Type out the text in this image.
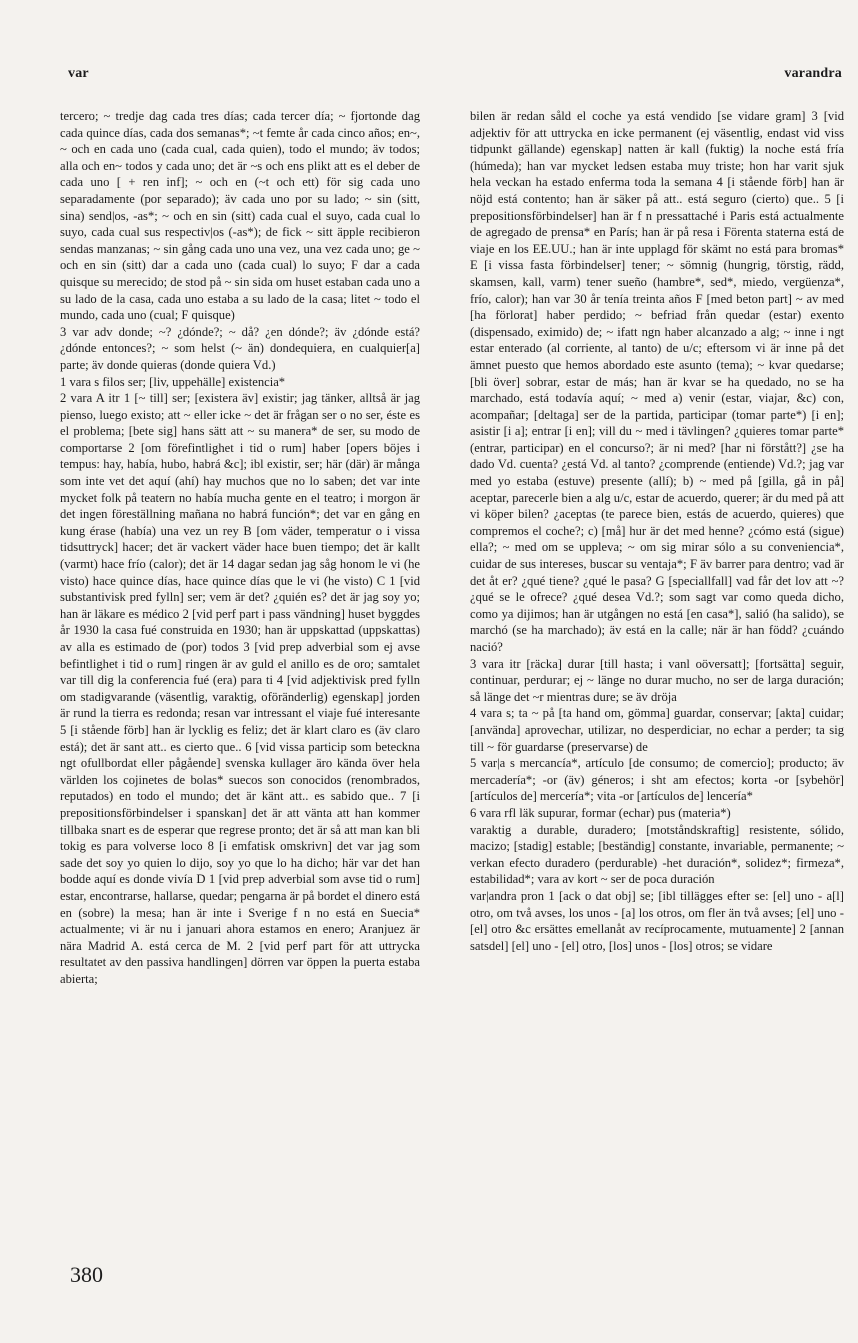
var	varandra

tercero; ~ tredje dag cada tres días; cada tercer día; ~ fjortonde dag cada quince días, cada dos semanas*; ~t femte år cada cinco años; en~, ~ och en cada uno (cada cual, cada quien), todo el mundo; äv todos; alla och en~ todos y cada uno; det är ~s och ens plikt att es el deber de cada uno [ + ren inf]; ~ och en (~t och ett) för sig cada uno separadamente (por separado); äv cada uno por su lado; ~ sin (sitt, sina) send|os, -as*; ~ och en sin (sitt) cada cual el suyo, cada cual lo suyo, cada cual sus respectiv|os (-as*); de fick ~ sitt äpple recibieron sendas manzanas; ~ sin gång cada uno una vez, una vez cada uno; ge ~ och en sin (sitt) dar a cada uno (cada cual) lo suyo; F dar a cada quisque su merecido; de stod på ~ sin sida om huset estaban cada uno a su lado de la casa, cada uno estaba a su lado de la casa; litet ~ todo el mundo, cada uno (cual; F quisque)

3 var adv donde; ~? ¿dónde?; ~ då? ¿en dónde?; äv ¿dónde está? ¿dónde entonces?; ~ som helst (~ än) dondequiera, en cualquier[a] parte; äv donde quieras (donde quiera Vd.)

1 vara s filos ser; [liv, uppehälle] existencia*

2 vara A itr 1 [~ till] ser; [existera äv] existir; jag tänker, alltså är jag pienso, luego existo; att ~ eller icke ~ det är frågan ser o no ser, éste es el problema; [bete sig] hans sätt att ~ su manera* de ser, su modo de comportarse 2 [om förefintlighet i tid o rum] haber [opers böjes i tempus: hay, había, hubo, habrá &c]; ibl existir, ser; här (där) är många som inte vet det aquí (ahí) hay muchos que no lo saben; det var inte mycket folk på teatern no había mucha gente en el teatro; i morgon är det ingen föreställning mañana no habrá función*; det var en gång en kung érase (había) una vez un rey B [om väder, temperatur o i vissa tidsuttryck] hacer; det är vackert väder hace buen tiempo; det är kallt (varmt) hace frío (calor); det är 14 dagar sedan jag såg honom le vi (he visto) hace quince días, hace quince días que le vi (he visto) C 1 [vid substantivisk pred fylln] ser; vem är det? ¿quién es? det är jag soy yo; han är läkare es médico 2 [vid perf part i pass vändning] huset byggdes år 1930 la casa fué construida en 1930; han är uppskattad (uppskattas) av alla es estimado de (por) todos 3 [vid prep adverbial som ej avse befintlighet i tid o rum] ringen är av guld el anillo es de oro; samtalet var till dig la conferencia fué (era) para ti 4 [vid adjektivisk pred fylln om stadigvarande (väsentlig, varaktig, oföränderlig) egenskap] jorden är rund la tierra es redonda; resan var intressant el viaje fué interesante 5 [i stående förb] han är lycklig es feliz; det är klart claro es (äv claro está); det är sant att.. es cierto que.. 6 [vid vissa particip som beteckna ngt ofullbordat eller pågående] svenska kullager äro kända över hela världen los cojinetes de bolas* suecos son conocidos (renombrados, reputados) en todo el mundo; det är känt att.. es sabido que.. 7 [i prepositionsförbindelser i spanskan] det är att vänta att han kommer tillbaka snart es de esperar que regrese pronto; det är så att man kan bli tokig es para volverse loco 8 [i emfatisk omskrivn] det var jag som sade det soy yo quien lo dijo, soy yo que lo ha dicho; här var det han bodde aquí es donde vivía D 1 [vid prep adverbial som avse tid o rum] estar, encontrarse, hallarse, quedar; pengarna är på bordet el dinero está en (sobre) la mesa; han är inte i Sverige f n no está en Suecia* actualmente; vi är nu i januari ahora estamos en enero; Aranjuez är nära Madrid A. está cerca de M. 2 [vid perf part för att uttrycka resultatet av den passiva handlingen] dörren var öppen la puerta estaba abierta;

bilen är redan såld el coche ya está vendido [se vidare gram] 3 [vid adjektiv för att uttrycka en icke permanent (ej väsentlig, endast vid viss tidpunkt gällande) egenskap] natten är kall (fuktig) la noche está fría (húmeda); han var mycket ledsen estaba muy triste; hon har varit sjuk hela veckan ha estado enferma toda la semana 4 [i stående förb] han är nöjd está contento; han är säker på att.. está seguro (cierto) que.. 5 [i prepositionsförbindelser] han är f n pressattaché i Paris está actualmente de agregado de prensa* en París; han är på resa i Förenta staterna está de viaje en los EE.UU.; han är inte upplagd för skämt no está para bromas* E [i vissa fasta förbindelser] tener; ~ sömnig (hungrig, törstig, rädd, skamsen, kall, varm) tener sueño (hambre*, sed*, miedo, vergüenza*, frío, calor); han var 30 år tenía treinta años F [med beton part] ~ av med [ha förlorat] haber perdido; ~ befriad från quedar (estar) exento (dispensado, eximido) de; ~ ifatt ngn haber alcanzado a alg; ~ inne i ngt estar enterado (al corriente, al tanto) de u/c; eftersom vi är inne på det ämnet puesto que hemos abordado este asunto (tema); ~ kvar quedarse; [bli över] sobrar, estar de más; han är kvar se ha quedado, no se ha marchado, está todavía aquí; ~ med a) venir (estar, viajar, &c) con, acompañar; [deltaga] ser de la partida, participar (tomar parte*) [i en]; asistir [i a]; entrar [i en]; vill du ~ med i tävlingen? ¿quieres tomar parte* (entrar, participar) en el concurso?; är ni med? [har ni förstått?] ¿se ha dado Vd. cuenta? ¿está Vd. al tanto? ¿comprende (entiende) Vd.?; jag var med yo estaba (estuve) presente (allí); b) ~ med på [gilla, gå in på] aceptar, parecerle bien a alg u/c, estar de acuerdo, querer; är du med på att vi köper bilen? ¿aceptas (te parece bien, estás de acuerdo, quieres) que compremos el coche?; c) [må] hur är det med henne? ¿cómo está (sigue) ella?; ~ med om se uppleva; ~ om sig mirar sólo a su conveniencia*, cuidar de sus intereses, buscar su ventaja*; F äv barrer para dentro; vad är det åt er? ¿qué tiene? ¿qué le pasa? G [speciallfall] vad får det lov att ~? ¿qué se le ofrece? ¿qué desea Vd.?; som sagt var como queda dicho, como ya dijimos; han är utgången no está [en casa*], salió (ha salido), se marchó (se ha marchado); äv está en la calle; när är han född? ¿cuándo nació?

3 vara itr [räcka] durar [till hasta; i vanl oöversatt]; [fortsätta] seguir, continuar, perdurar; ej ~ länge no durar mucho, no ser de larga duración; så länge det ~r mientras dure; se äv dröja

4 vara s; ta ~ på [ta hand om, gömma] guardar, conservar; [akta] cuidar; [använda] aprovechar, utilizar, no desperdiciar, no echar a perder; ta sig till ~ för guardarse (preservarse) de

5 var|a s mercancía*, artículo [de consumo; de comercio]; producto; äv mercadería*; -or (äv) géneros; i sht am efectos; korta -or [sybehör] [artículos de] mercería*; vita -or [artículos de] lencería*

6 vara rfl läk supurar, formar (echar) pus (materia*)

varaktig a durable, duradero; [motståndskraftig] resistente, sólido, macizo; [stadig] estable; [beständig] constante, invariable, permanente; ~ verkan efecto duradero (perdurable) -het duración*, solidez*; firmeza*, estabilidad*; vara av kort ~ ser de poca duración

var|andra pron 1 [ack o dat obj] se; [ibl tillägges efter se: [el] uno - a[l] otro, om två avses, los unos - [a] los otros, om fler än två avses; [el] uno -[el] otro &c ersättes emellanåt av recíprocamente, mutuamente] 2 [annan satsdel] [el] uno - [el] otro, [los] unos - [los] otros; se vidare

380
